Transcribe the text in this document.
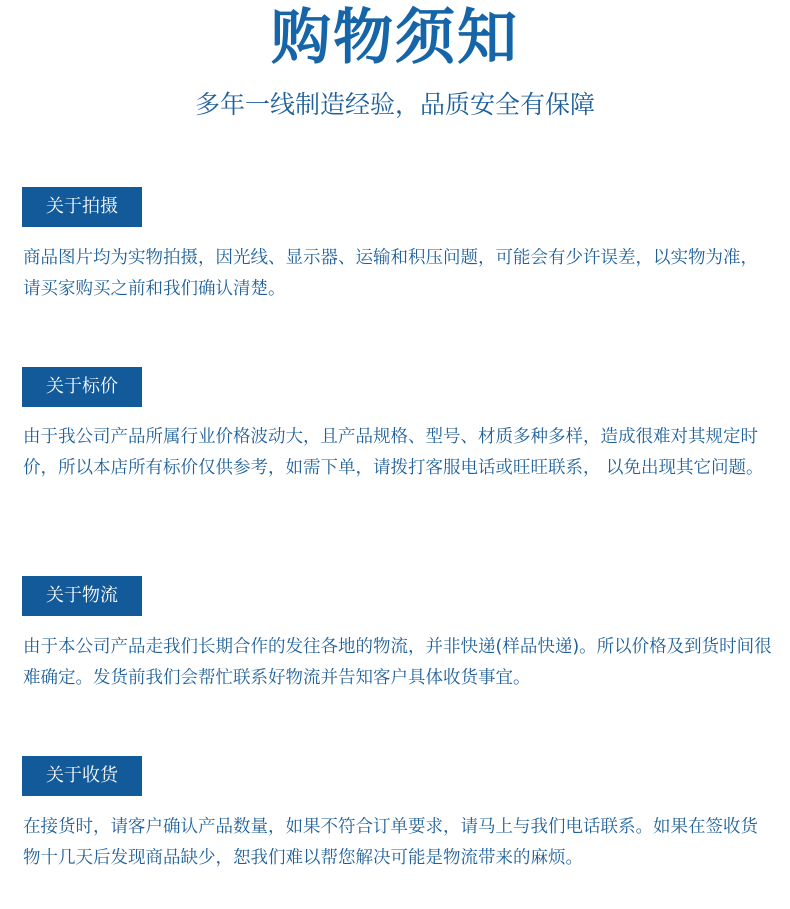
购物须知
多年一线制造经验，品质安全有保障
关于拍摄

商品图片均为实物拍摄，因光线、显示器、运输和积压问题，可能会有少许误差，以实物为准，请买家购买之前和我们确认清楚。

关于标价

由于我公司产品所属行业价格波动大，且产品规格、型号、材质多种多样，造成很难对其规定时价，所以本店所有标价仅供参考，如需下单，请拨打客服电话或旺旺联系， 以免出现其它问题。

关于物流

由于本公司产品走我们长期合作的发往各地的物流，并非快递(样品快递)。所以价格及到货时间很难确定。发货前我们会帮忙联系好物流并告知客户具体收货事宜。

关于收货

在接货时，请客户确认产品数量，如果不符合订单要求，请马上与我们电话联系。如果在签收货物十几天后发现商品缺少，恕我们难以帮您解决可能是物流带来的麻烦。
